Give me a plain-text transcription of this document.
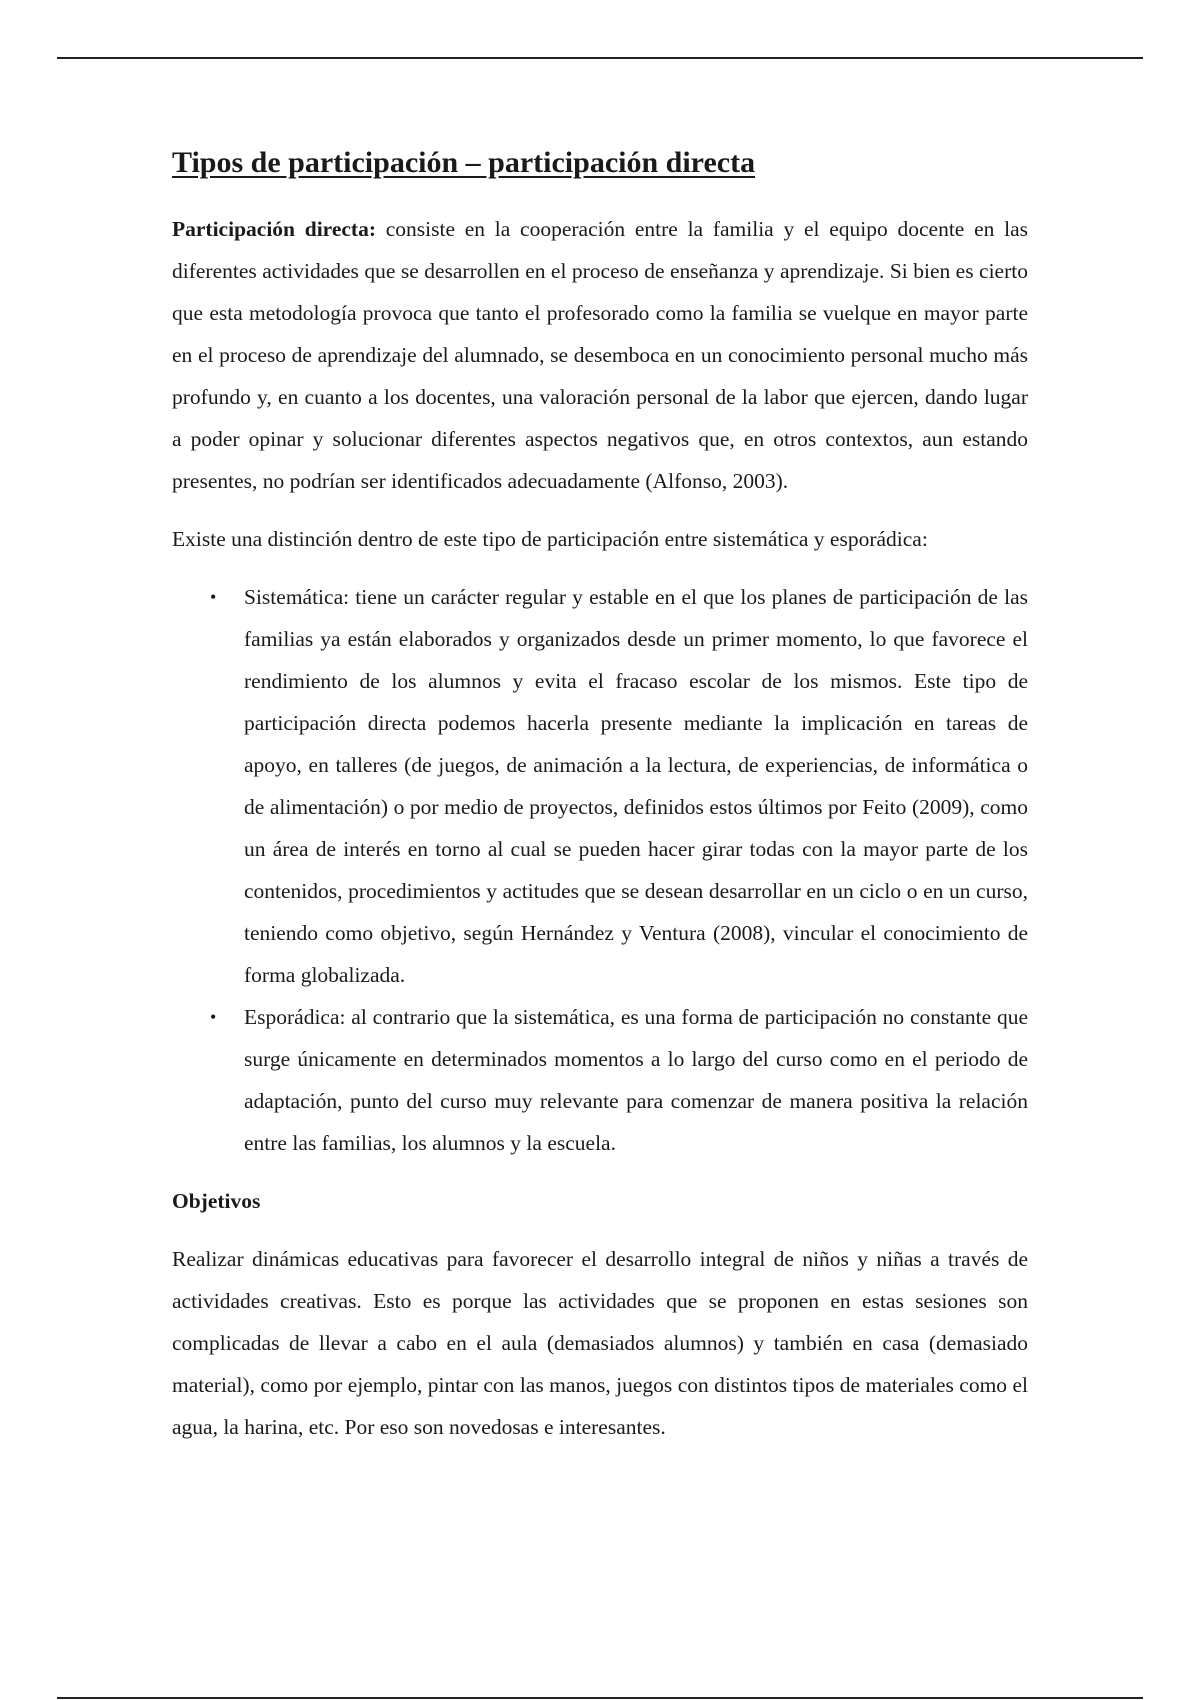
Tipos de participación – participación directa

Participación directa: consiste en la cooperación entre la familia y el equipo docente en las diferentes actividades que se desarrollen en el proceso de enseñanza y aprendizaje. Si bien es cierto que esta metodología provoca que tanto el profesorado como la familia se vuelque en mayor parte en el proceso de aprendizaje del alumnado, se desemboca en un conocimiento personal mucho más profundo y, en cuanto a los docentes, una valoración personal de la labor que ejercen, dando lugar a poder opinar y solucionar diferentes aspectos negativos que, en otros contextos, aun estando presentes, no podrían ser identificados adecuadamente (Alfonso, 2003).

Existe una distinción dentro de este tipo de participación entre sistemática y esporádica:

• Sistemática: tiene un carácter regular y estable en el que los planes de participación de las familias ya están elaborados y organizados desde un primer momento, lo que favorece el rendimiento de los alumnos y evita el fracaso escolar de los mismos. Este tipo de participación directa podemos hacerla presente mediante la implicación en tareas de apoyo, en talleres (de juegos, de animación a la lectura, de experiencias, de informática o de alimentación) o por medio de proyectos, definidos estos últimos por Feito (2009), como un área de interés en torno al cual se pueden hacer girar todas con la mayor parte de los contenidos, procedimientos y actitudes que se desean desarrollar en un ciclo o en un curso, teniendo como objetivo, según Hernández y Ventura (2008), vincular el conocimiento de forma globalizada.
• Esporádica: al contrario que la sistemática, es una forma de participación no constante que surge únicamente en determinados momentos a lo largo del curso como en el periodo de adaptación, punto del curso muy relevante para comenzar de manera positiva la relación entre las familias, los alumnos y la escuela.
Objetivos

Realizar dinámicas educativas para favorecer el desarrollo integral de niños y niñas a través de actividades creativas. Esto es porque las actividades que se proponen en estas sesiones son complicadas de llevar a cabo en el aula (demasiados alumnos) y también en casa (demasiado material), como por ejemplo, pintar con las manos, juegos con distintos tipos de materiales como el agua, la harina, etc. Por eso son novedosas e interesantes.
